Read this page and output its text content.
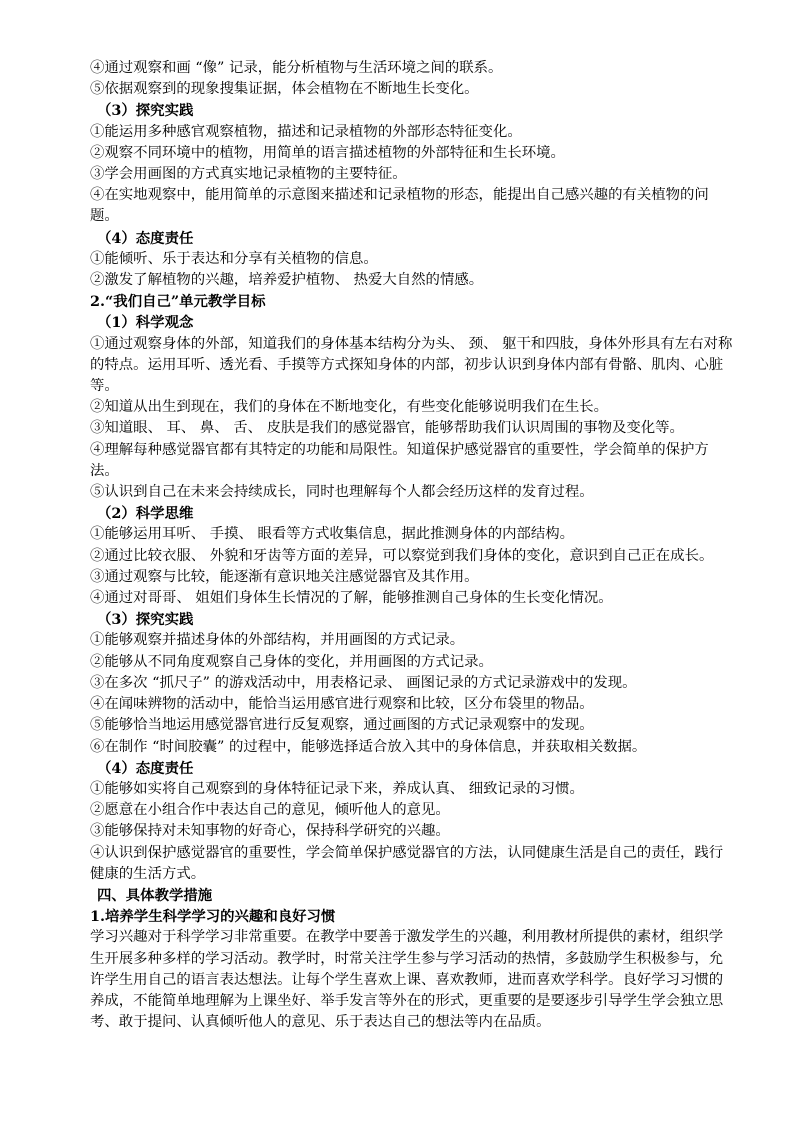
④通过观察和画 “像” 记录，能分析植物与生活环境之间的联系。
⑤依据观察到的现象搜集证据，体会植物在不断地生长变化。
（3）探究实践
①能运用多种感官观察植物，描述和记录植物的外部形态特征变化。
②观察不同环境中的植物，用简单的语言描述植物的外部特征和生长环境。
③学会用画图的方式真实地记录植物的主要特征。
④在实地观察中，能用简单的示意图来描述和记录植物的形态，能提出自己感兴趣的有关植物的问题。
（4）态度责任
①能倾听、乐于表达和分享有关植物的信息。
②激发了解植物的兴趣，培养爱护植物、 热爱大自然的情感。
2.“我们自己”单元教学目标
（1）科学观念
①通过观察身体的外部，知道我们的身体基本结构分为头、 颈、 躯干和四肢，身体外形具有左右对称的特点。运用耳听、透光看、手摸等方式探知身体的内部，初步认识到身体内部有骨骼、肌肉、心脏等。
②知道从出生到现在，我们的身体在不断地变化，有些变化能够说明我们在生长。
③知道眼、 耳、 鼻、 舌、 皮肤是我们的感觉器官，能够帮助我们认识周围的事物及变化等。
④理解每种感觉器官都有其特定的功能和局限性。知道保护感觉器官的重要性，学会简单的保护方法。
⑤认识到自己在未来会持续成长，同时也理解每个人都会经历这样的发育过程。
（2）科学思维
①能够运用耳听、 手摸、 眼看等方式收集信息，据此推测身体的内部结构。
②通过比较衣服、 外貌和牙齿等方面的差异，可以察觉到我们身体的变化，意识到自己正在成长。
③通过观察与比较，能逐渐有意识地关注感觉器官及其作用。
④通过对哥哥、 姐姐们身体生长情况的了解，能够推测自己身体的生长变化情况。
（3）探究实践
①能够观察并描述身体的外部结构，并用画图的方式记录。
②能够从不同角度观察自己身体的变化，并用画图的方式记录。
③在多次 “抓尺子” 的游戏活动中，用表格记录、 画图记录的方式记录游戏中的发现。
④在闻味辨物的活动中，能恰当运用感官进行观察和比较，区分布袋里的物品。
⑤能够恰当地运用感觉器官进行反复观察，通过画图的方式记录观察中的发现。
⑥在制作 “时间胶囊” 的过程中，能够选择适合放入其中的身体信息，并获取相关数据。
（4）态度责任
①能够如实将自己观察到的身体特征记录下来，养成认真、 细致记录的习惯。
②愿意在小组合作中表达自己的意见，倾听他人的意见。
③能够保持对未知事物的好奇心，保持科学研究的兴趣。
④认识到保护感觉器官的重要性，学会简单保护感觉器官的方法，认同健康生活是自己的责任，践行健康的生活方式。
四、具体教学措施
1.培养学生科学学习的兴趣和良好习惯
学习兴趣对于科学学习非常重要。在教学中要善于激发学生的兴趣，利用教材所提供的素材，组织学生开展多种多样的学习活动。教学时，时常关注学生参与学习活动的热情，多鼓励学生积极参与，允许学生用自己的语言表达想法。让每个学生喜欢上课、喜欢教师，进而喜欢学科学。良好学习习惯的养成，不能简单地理解为上课坐好、举手发言等外在的形式，更重要的是要逐步引导学生学会独立思考、敢于提问、认真倾听他人的意见、乐于表达自己的想法等内在品质。
